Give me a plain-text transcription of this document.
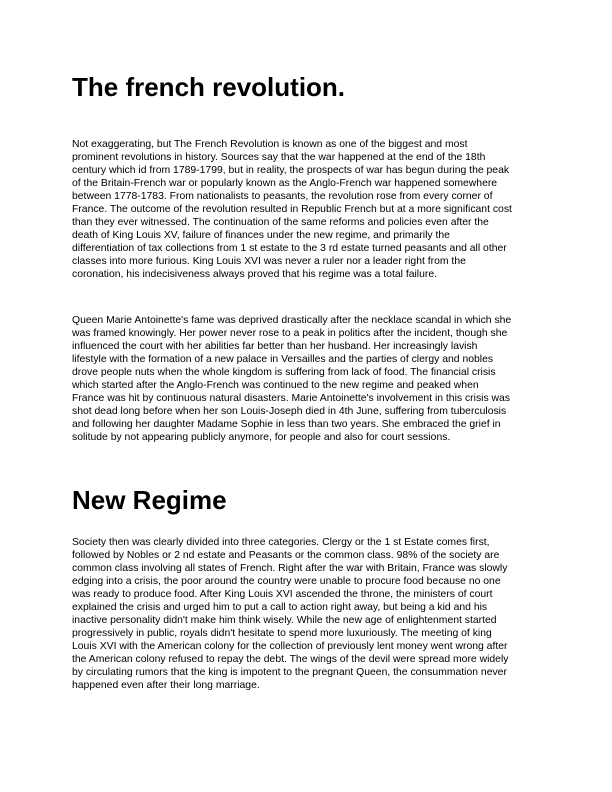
The french revolution.

Not exaggerating, but The French Revolution is known as one of the biggest and most
prominent revolutions in history. Sources say that the war happened at the end of the 18th
century which id from 1789-1799, but in reality, the prospects of war has begun during the peak
of the Britain-French war or popularly known as the Anglo-French war happened somewhere
between 1778-1783. From nationalists to peasants, the revolution rose from every corner of
France. The outcome of the revolution resulted in Republic French but at a more significant cost
than they ever witnessed. The continuation of the same reforms and policies even after the
death of King Louis XV, failure of finances under the new regime, and primarily the
differentiation of tax collections from 1 st estate to the 3 rd estate turned peasants and all other
classes into more furious. King Louis XVI was never a ruler nor a leader right from the
coronation, his indecisiveness always proved that his regime was a total failure.

Queen Marie Antoinette's fame was deprived drastically after the necklace scandal in which she
was framed knowingly. Her power never rose to a peak in politics after the incident, though she
influenced the court with her abilities far better than her husband. Her increasingly lavish
lifestyle with the formation of a new palace in Versailles and the parties of clergy and nobles
drove people nuts when the whole kingdom is suffering from lack of food. The financial crisis
which started after the Anglo-French was continued to the new regime and peaked when
France was hit by continuous natural disasters. Marie Antoinette's involvement in this crisis was
shot dead long before when her son Louis-Joseph died in 4th June, suffering from tuberculosis
and following her daughter Madame Sophie in less than two years. She embraced the grief in
solitude by not appearing publicly anymore, for people and also for court sessions.

New Regime

Society then was clearly divided into three categories. Clergy or the 1 st Estate comes first,
followed by Nobles or 2 nd estate and Peasants or the common class. 98% of the society are
common class involving all states of French. Right after the war with Britain, France was slowly
edging into a crisis, the poor around the country were unable to procure food because no one
was ready to produce food. After King Louis XVI ascended the throne, the ministers of court
explained the crisis and urged him to put a call to action right away, but being a kid and his
inactive personality didn't make him think wisely. While the new age of enlightenment started
progressively in public, royals didn't hesitate to spend more luxuriously. The meeting of king
Louis XVI with the American colony for the collection of previously lent money went wrong after
the American colony refused to repay the debt. The wings of the devil were spread more widely
by circulating rumors that the king is impotent to the pregnant Queen, the consummation never
happened even after their long marriage.
